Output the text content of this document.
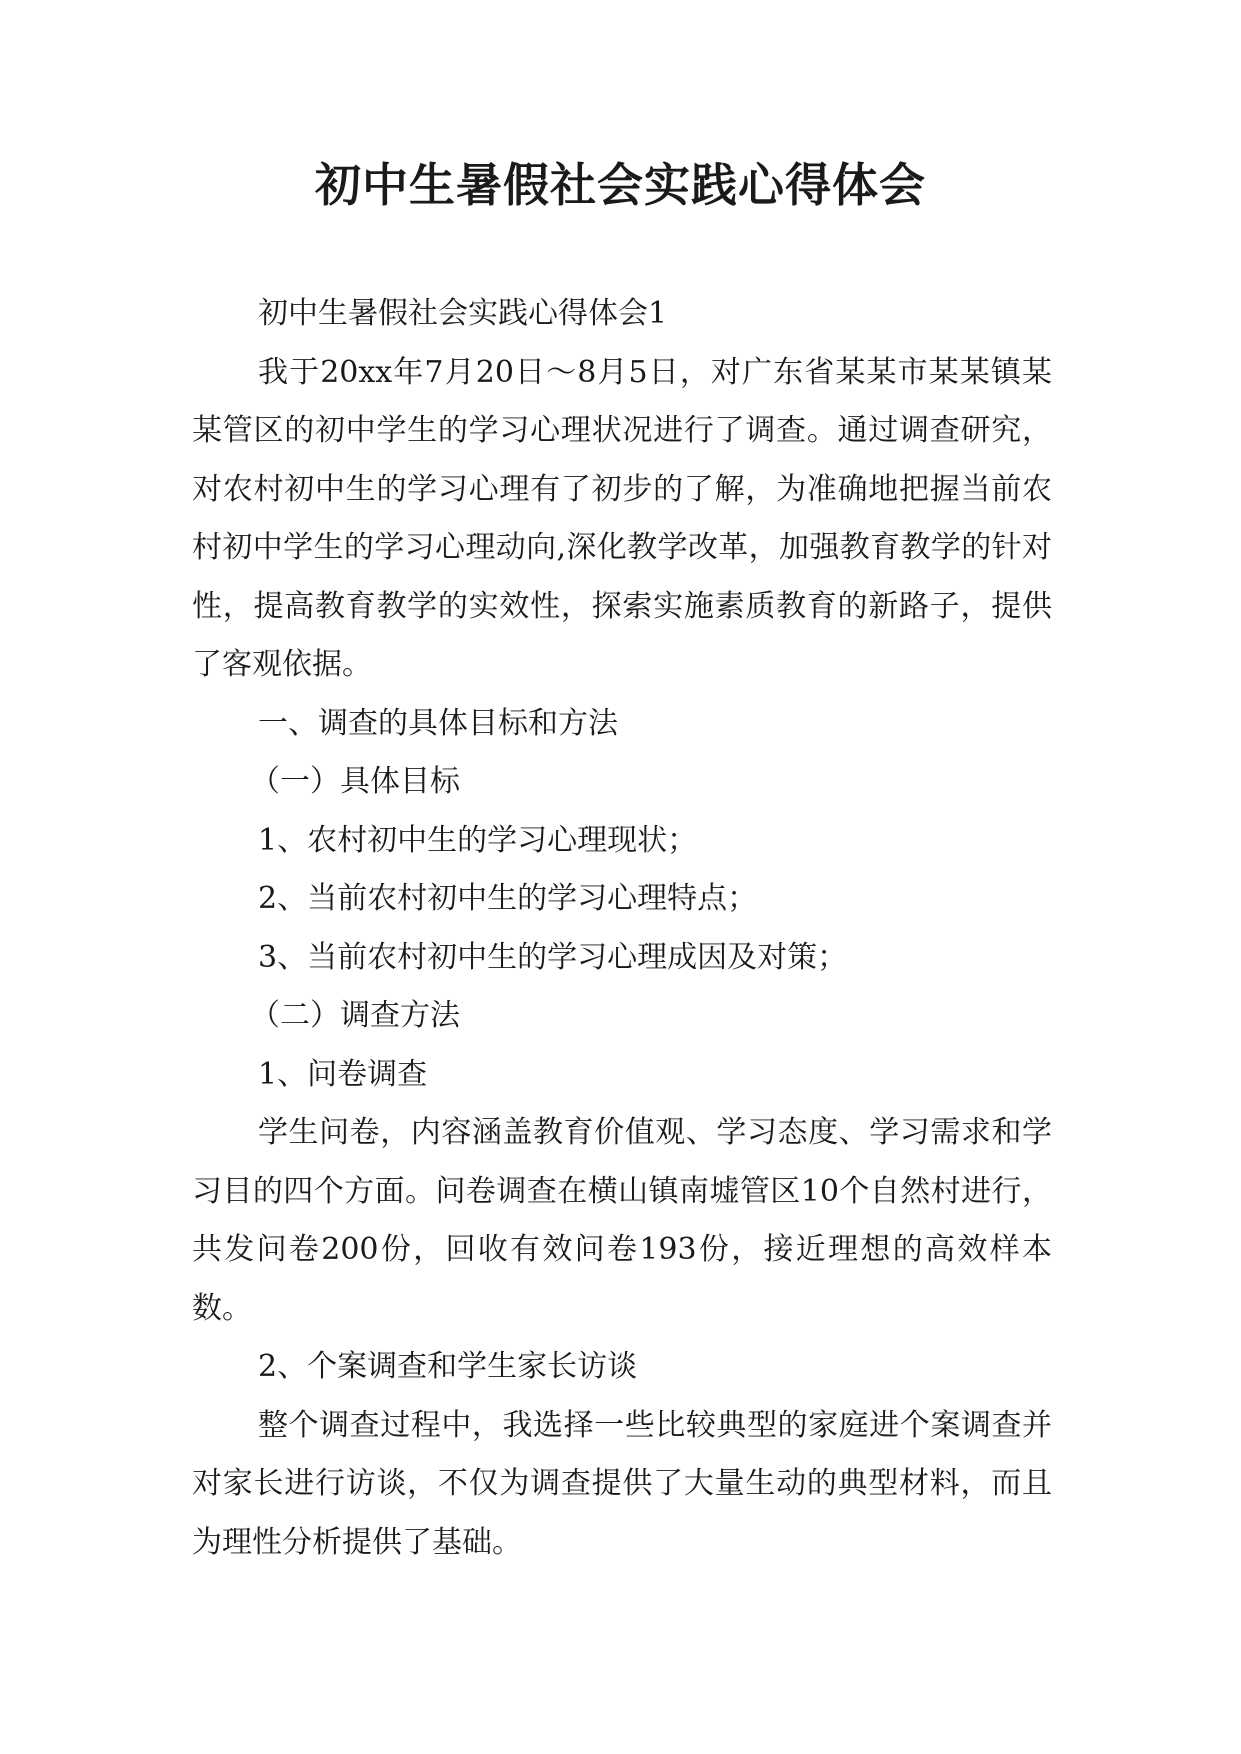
初中生暑假社会实践心得体会

初中生暑假社会实践心得体会1

我于20xx年7月20日～8月5日，对广东省某某市某某镇某某管区的初中学生的学习心理状况进行了调查。通过调查研究，对农村初中生的学习心理有了初步的了解，为准确地把握当前农村初中学生的学习心理动向,深化教学改革，加强教育教学的针对性，提高教育教学的实效性，探索实施素质教育的新路子，提供了客观依据。

一、调查的具体目标和方法

（一）具体目标

1、农村初中生的学习心理现状；

2、当前农村初中生的学习心理特点；

3、当前农村初中生的学习心理成因及对策；

（二）调查方法

1、问卷调查

学生问卷，内容涵盖教育价值观、学习态度、学习需求和学习目的四个方面。问卷调查在横山镇南墟管区10个自然村进行，共发问卷200份，回收有效问卷193份，接近理想的高效样本数。

2、个案调查和学生家长访谈

整个调查过程中，我选择一些比较典型的家庭进个案调查并对家长进行访谈，不仅为调查提供了大量生动的典型材料，而且为理性分析提供了基础。
